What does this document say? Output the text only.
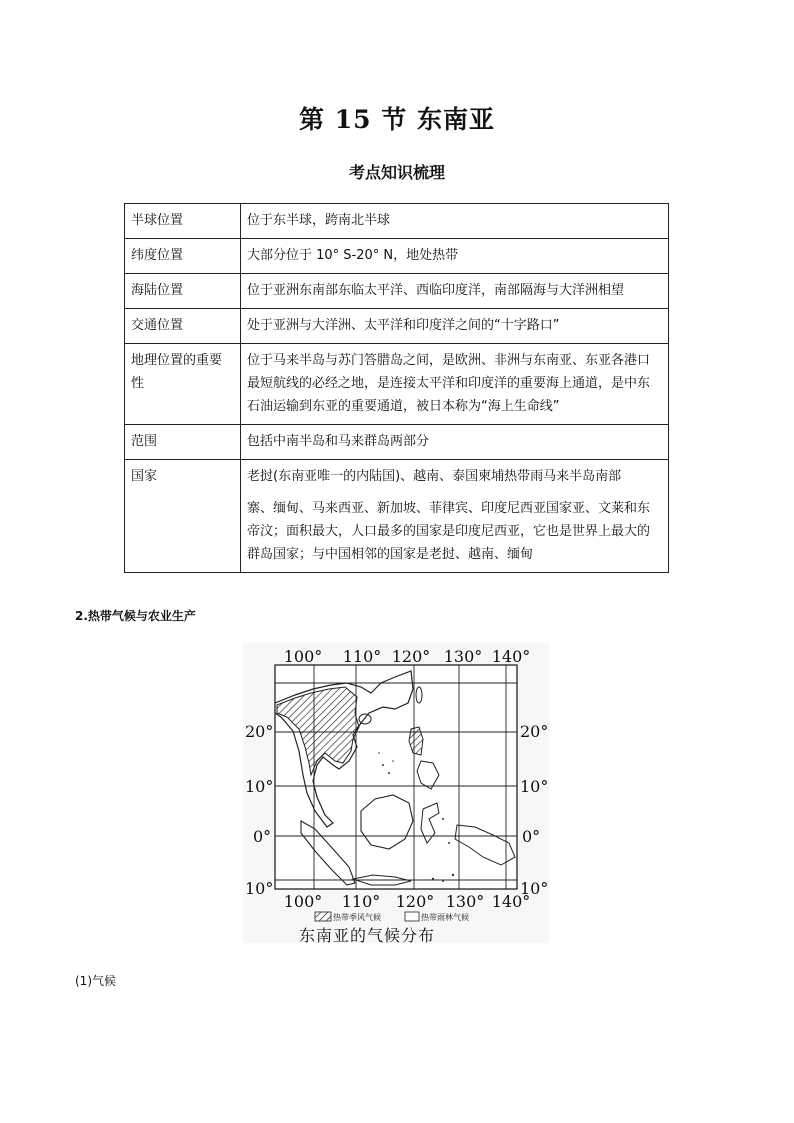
第 15 节 东南亚
考点知识梳理
半球位置	位于东半球，跨南北半球
纬度位置	大部分位于 10° S-20° N，地处热带
海陆位置	位于亚洲东南部东临太平洋、西临印度洋，南部隔海与大洋洲相望
交通位置	处于亚洲与大洋洲、太平洋和印度洋之间的“十字路口”
地理位置的重要性	位于马来半岛与苏门答腊岛之间，是欧洲、非洲与东南亚、东亚各港口最短航线的必经之地，是连接太平洋和印度洋的重要海上通道，是中东石油运输到东亚的重要通道，被日本称为“海上生命线”
范围	包括中南半岛和马来群岛两部分
国家	老挝(东南亚唯一的内陆国)、越南、泰国柬埔热带雨马来半岛南部
寨、缅甸、马来西亚、新加坡、菲律宾、印度尼西亚国家亚、文莱和东帝汶；面积最大，人口最多的国家是印度尼西亚，它也是世界上最大的群岛国家；与中国相邻的国家是老挝、越南、缅甸
2.热带气候与农业生产
100° 110° 120° 130° 140°
100° 110° 120° 130° 140°
20°
10°
0°
10°
20°
10°
0°
10°
热带季风气候	热带雨林气候
东南亚的气候分布
(1)气候
